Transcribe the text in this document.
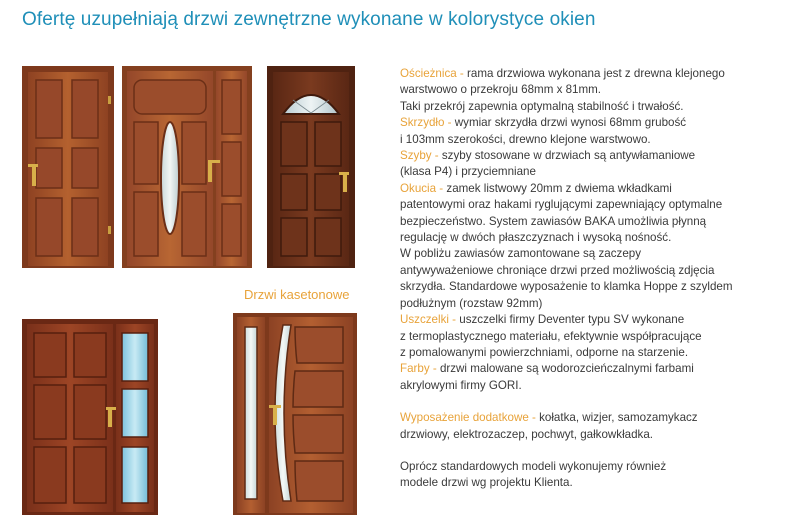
Ofertę uzupełniają drzwi zewnętrzne wykonane w kolorystyce okien
Drzwi kasetonowe

Ościeżnica - rama drzwiowa wykonana jest z drewna klejonego
warstwowo o przekroju 68mm x 81mm.
Taki przekrój zapewnia optymalną stabilność i trwałość.

Skrzydło - wymiar skrzydła drzwi wynosi 68mm grubość
i 103mm szerokości, drewno klejone warstwowo.

Szyby - szyby stosowane w drzwiach są antywłamaniowe
(klasa P4) i przyciemniane

Okucia - zamek listwowy 20mm z dwiema wkładkami
patentowymi oraz hakami ryglującymi zapewniający optymalne
bezpieczeństwo. System zawiasów BAKA umożliwia płynną
regulację w dwóch płaszczyznach i wysoką nośność.
W pobliżu zawiasów zamontowane są zaczepy
antywyważeniowe chroniące drzwi przed możliwością zdjęcia
skrzydła. Standardowe wyposażenie to klamka Hoppe z szyldem
podłużnym (rozstaw 92mm)

Uszczelki - uszczelki firmy Deventer typu SV wykonane
z termoplastycznego materiału, efektywnie współpracujące
z pomalowanymi powierzchniami, odporne na starzenie.

Farby - drzwi malowane są wodorozcieńczalnymi farbami
akrylowymi firmy GORI.

Wyposażenie dodatkowe - kołatka, wizjer, samozamykacz
drzwiowy, elektrozaczep, pochwyt, gałkowkładka.

Oprócz standardowych modeli wykonujemy również
modele drzwi wg projektu Klienta.
